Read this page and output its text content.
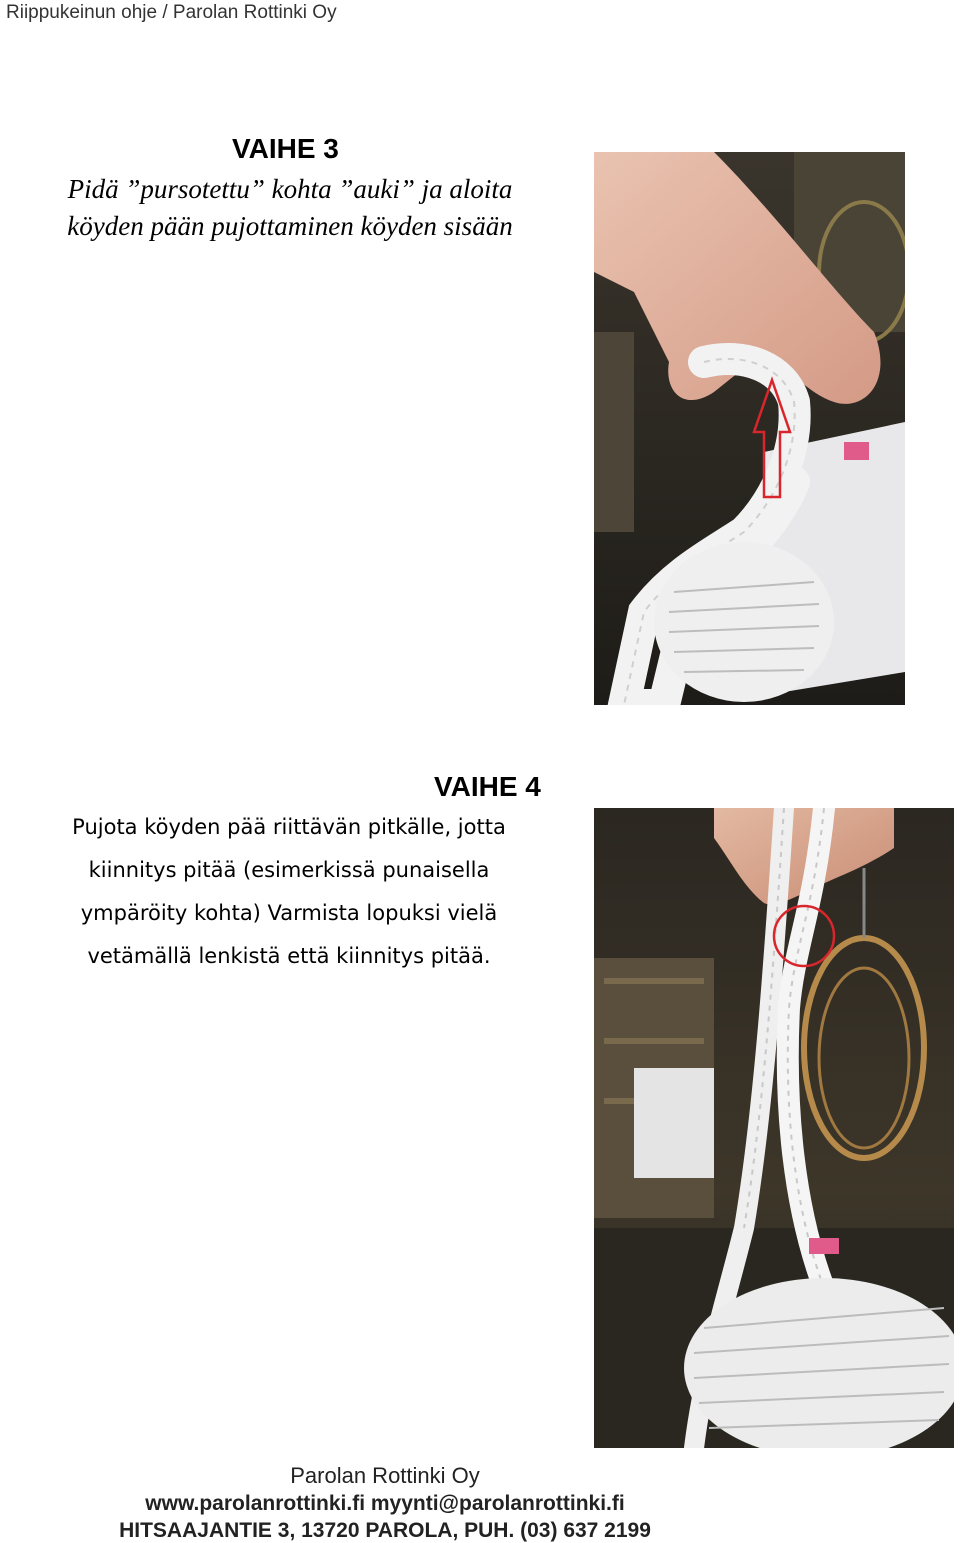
Riippukeinun ohje / Parolan Rottinki Oy
VAIHE 3
Pidä ”pursotettu” kohta ”auki” ja aloita
köyden pään pujottaminen köyden sisään
VAIHE 4
Pujota köyden pää riittävän pitkälle, jotta
kiinnitys pitää (esimerkissä punaisella
ympäröity kohta) Varmista lopuksi vielä
vetämällä lenkistä että kiinnitys pitää.
Parolan Rottinki Oy
www.parolanrottinki.fi myynti@parolanrottinki.fi
HITSAAJANTIE 3, 13720 PAROLA, PUH. (03) 637 2199
